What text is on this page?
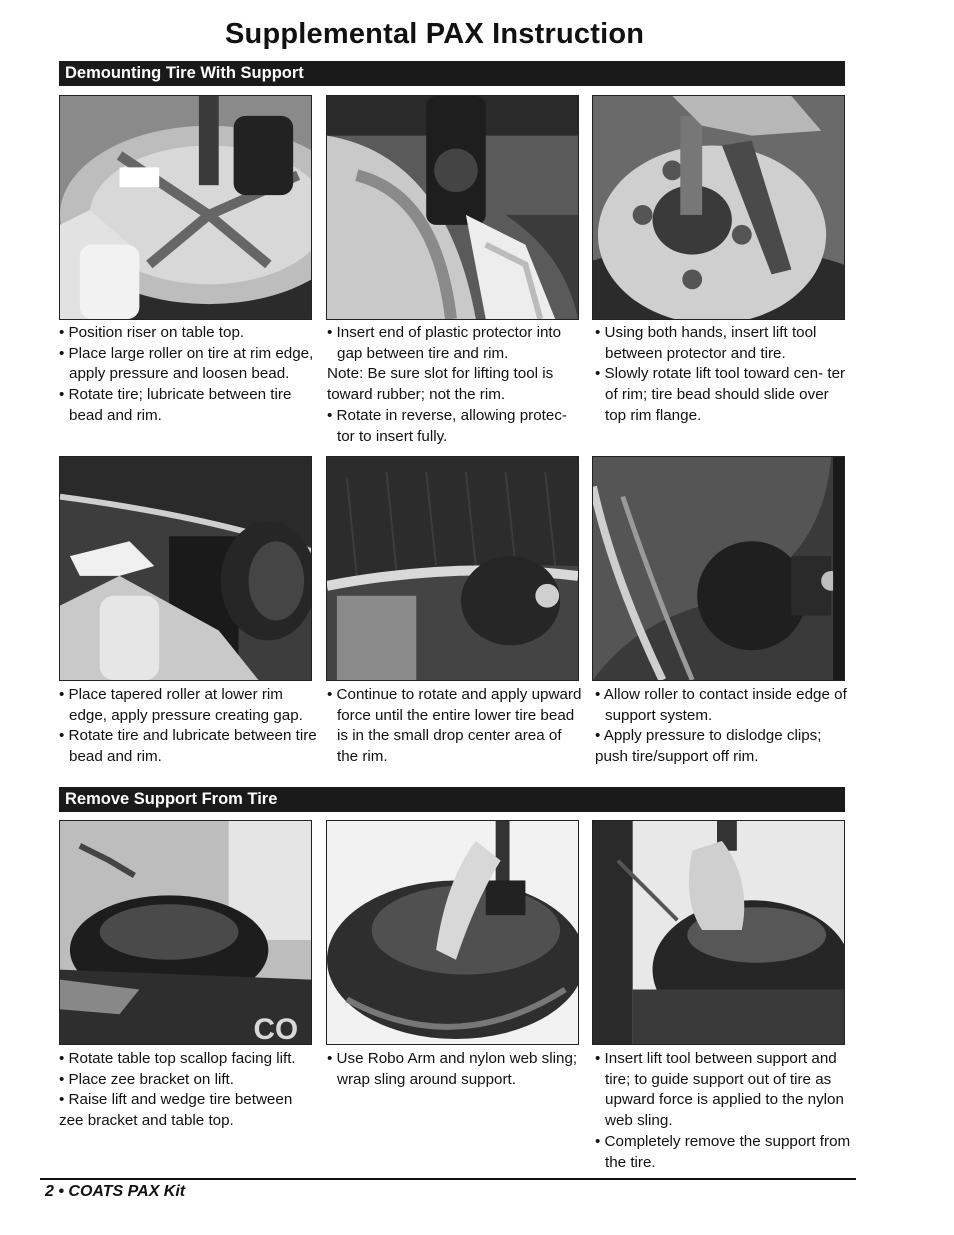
Supplemental PAX Instruction
Demounting Tire With Support
• Position riser on table top.
• Place large roller on tire at rim edge, apply pressure and loosen bead.
• Rotate tire; lubricate between tire bead and rim.
• Insert end of plastic protector into gap between tire and rim.
Note: Be sure slot for lifting tool is toward rubber; not the rim.
• Rotate in reverse, allowing protec- tor to insert fully.
• Using both hands, insert lift tool between protector and tire.
• Slowly rotate lift tool toward cen- ter of rim; tire bead should slide over top rim flange.
• Place tapered roller at lower rim edge, apply pressure creating gap.
• Rotate tire and lubricate between tire bead and rim.
• Continue to rotate and apply upward force until the entire lower tire bead is in the small drop center area of the rim.
• Allow roller to contact inside edge of support system.
• Apply pressure to dislodge clips;
push tire/support off rim.
Remove Support From Tire
CO
• Rotate table top scallop facing lift.
• Place zee bracket on lift.
• Raise lift and wedge tire between
zee bracket and table top.
• Use Robo Arm and nylon web sling; wrap sling around support.
• Insert lift tool between support and tire; to guide support out of tire as upward force is applied to the nylon web sling.
• Completely remove the support from the tire.
2 • COATS PAX Kit
